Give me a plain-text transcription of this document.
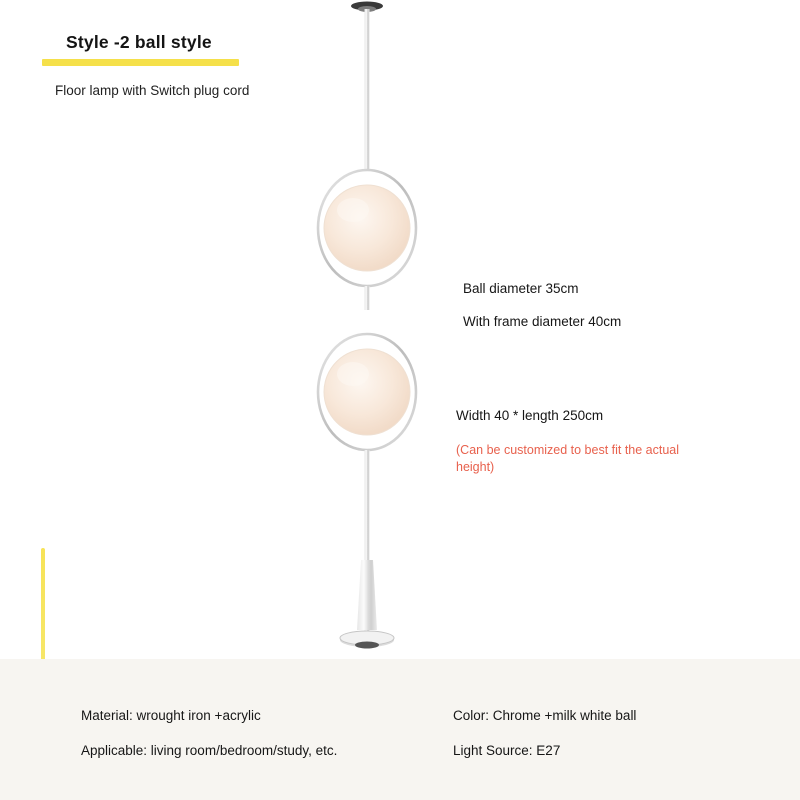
Style -2 ball style
Floor lamp with Switch plug cord
Ball diameter 35cm
With frame diameter 40cm
Width 40 * length 250cm
(Can be customized to best fit the actual height)
Material: wrought iron +acrylic
Applicable: living room/bedroom/study, etc.
Color: Chrome +milk white ball
Light Source: E27
